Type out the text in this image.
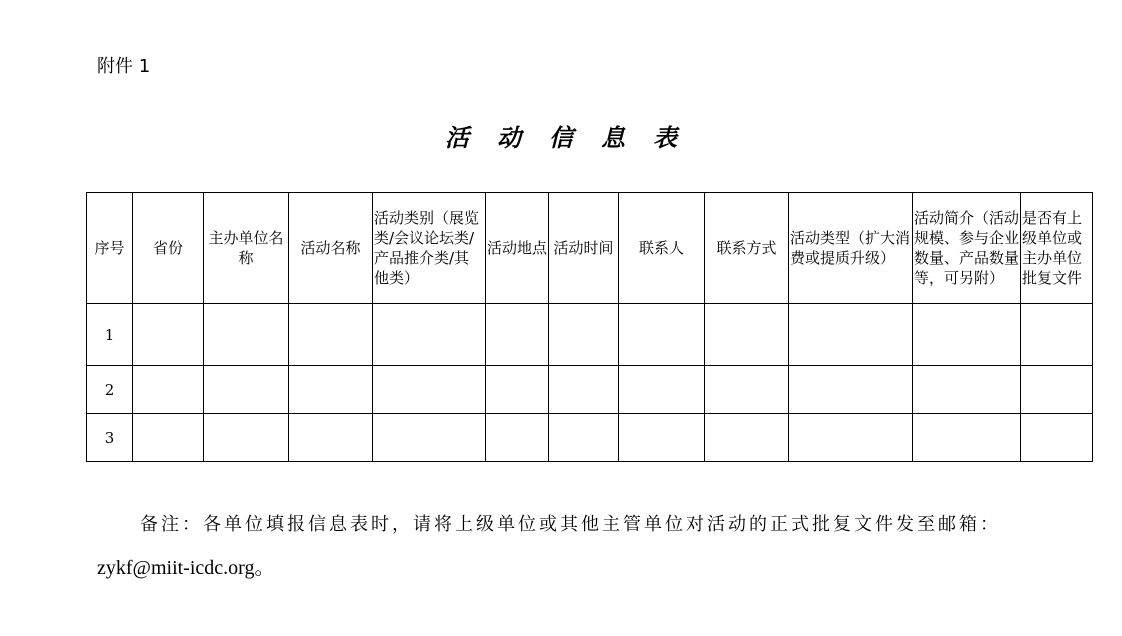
附件 1
活动信息表
序号	省份	主办单位名称	活动名称	活动类别（展览类/会议论坛类/产品推介类/其他类）	活动地点	活动时间	联系人	联系方式	活动类型（扩大消费或提质升级）	活动简介（活动规模、参与企业数量、产品数量等，可另附）	是否有上级单位或主办单位批复文件
1											
2											
3											
备注：各单位填报信息表时，请将上级单位或其他主管单位对活动的正式批复文件发至邮箱：
zykf@miit-icdc.org。
